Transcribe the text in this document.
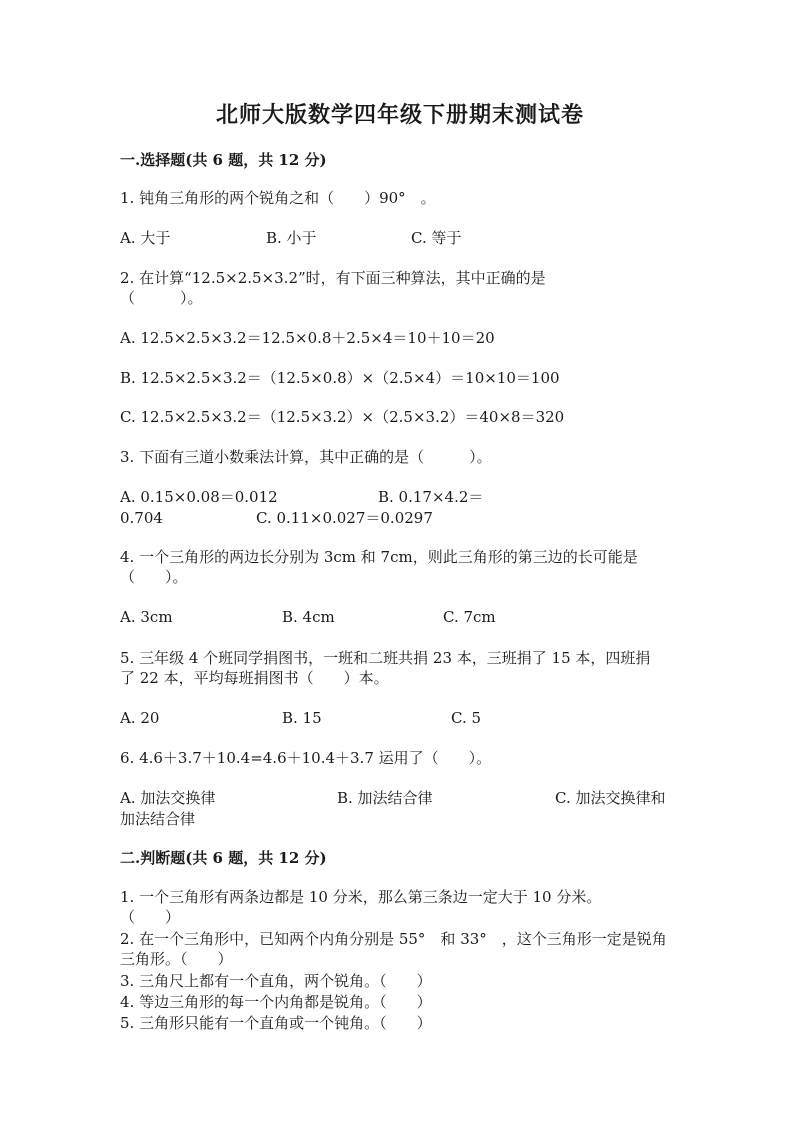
北师大版数学四年级下册期末测试卷
一.选择题(共 6 题，共 12 分)
1. 钝角三角形的两个锐角之和（　　）90°　。
A. 大于	B. 小于	C. 等于
2. 在计算“12.5×2.5×3.2”时，有下面三种算法，其中正确的是
（　　　）。
A. 12.5×2.5×3.2＝12.5×0.8＋2.5×4＝10＋10＝20
B. 12.5×2.5×3.2＝（12.5×0.8）×（2.5×4）＝10×10＝100
C. 12.5×2.5×3.2＝（12.5×3.2）×（2.5×3.2）＝40×8＝320
3. 下面有三道小数乘法计算，其中正确的是（　　　）。
A. 0.15×0.08＝0.012	B. 0.17×4.2＝
0.704	C. 0.11×0.027＝0.0297
4. 一个三角形的两边长分别为 3cm 和 7cm，则此三角形的第三边的长可能是
（　　）。
A. 3cm	B. 4cm	C. 7cm
5. 三年级 4 个班同学捐图书，一班和二班共捐 23 本，三班捐了 15 本，四班捐
了 22 本，平均每班捐图书（　　）本。
A. 20	B. 15	C. 5
6. 4.6＋3.7＋10.4=4.6＋10.4＋3.7 运用了（　　）。
A. 加法交换律	B. 加法结合律	C. 加法交换律和
加法结合律
二.判断题(共 6 题，共 12 分)
1. 一个三角形有两条边都是 10 分米，那么第三条边一定大于 10 分米。
（　　）
2. 在一个三角形中，已知两个内角分别是 55°　和 33°　，这个三角形一定是锐角
三角形。（　　）
3. 三角尺上都有一个直角，两个锐角。（　　）
4. 等边三角形的每一个内角都是锐角。（　　）
5. 三角形只能有一个直角或一个钝角。（　　）
